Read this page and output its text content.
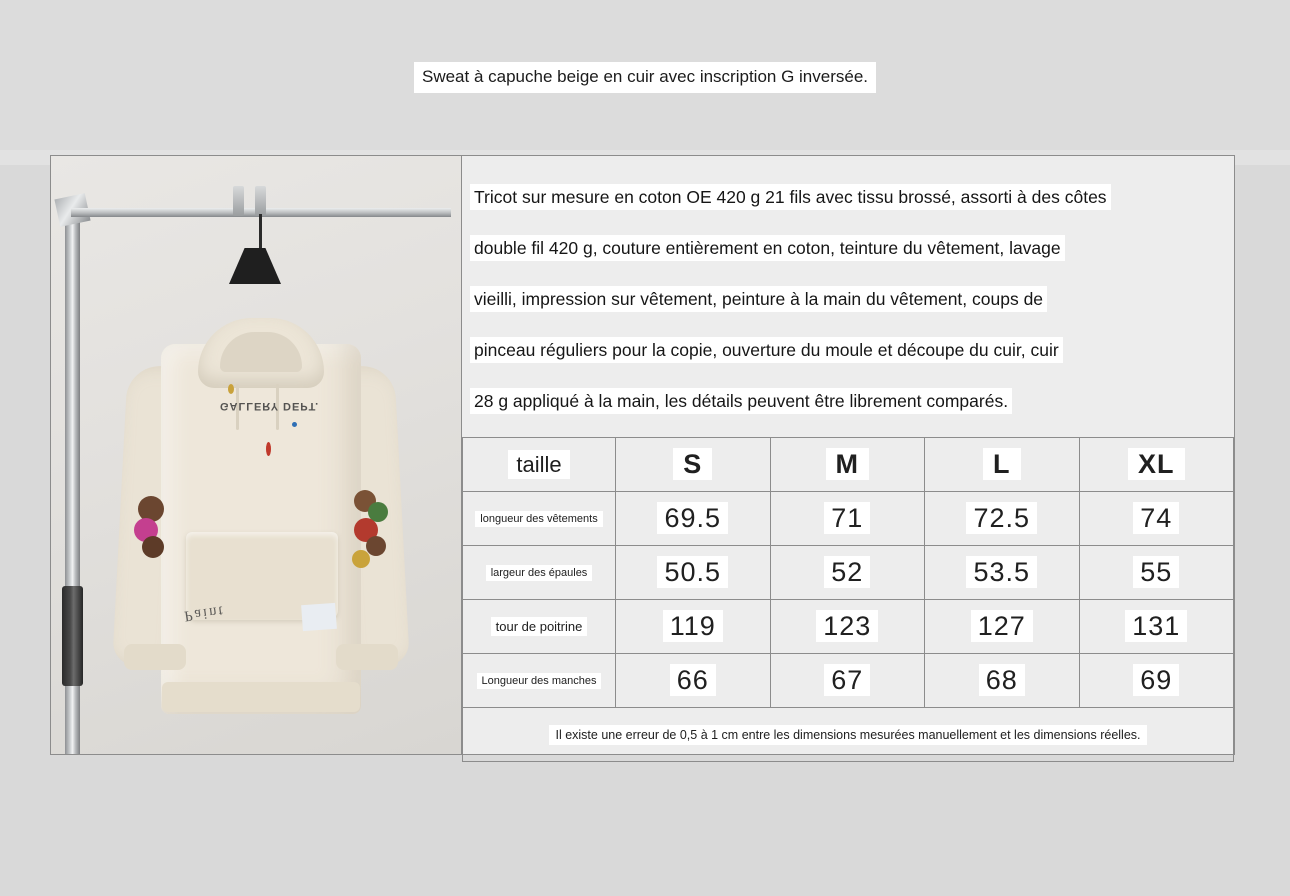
Sweat à capuche beige en cuir avec inscription G inversée.
GALLERY DEPT.
Paint

Tricot sur mesure en coton OE 420 g 21 fils avec tissu brossé, assorti à des côtes

double fil 420 g, couture entièrement en coton, teinture du vêtement, lavage

vieilli, impression sur vêtement, peinture à la main du vêtement, coups de

pinceau réguliers pour la copie, ouverture du moule et découpe du cuir, cuir

28 g appliqué à la main, les détails peuvent être librement comparés.

taille	S	M	L	XL
longueur des vêtements	69.5	71	72.5	74
largeur des épaules	50.5	52	53.5	55
tour de poitrine	119	123	127	131
Longueur des manches	66	67	68	69
Il existe une erreur de 0,5 à 1 cm entre les dimensions mesurées manuellement et les dimensions réelles.				
